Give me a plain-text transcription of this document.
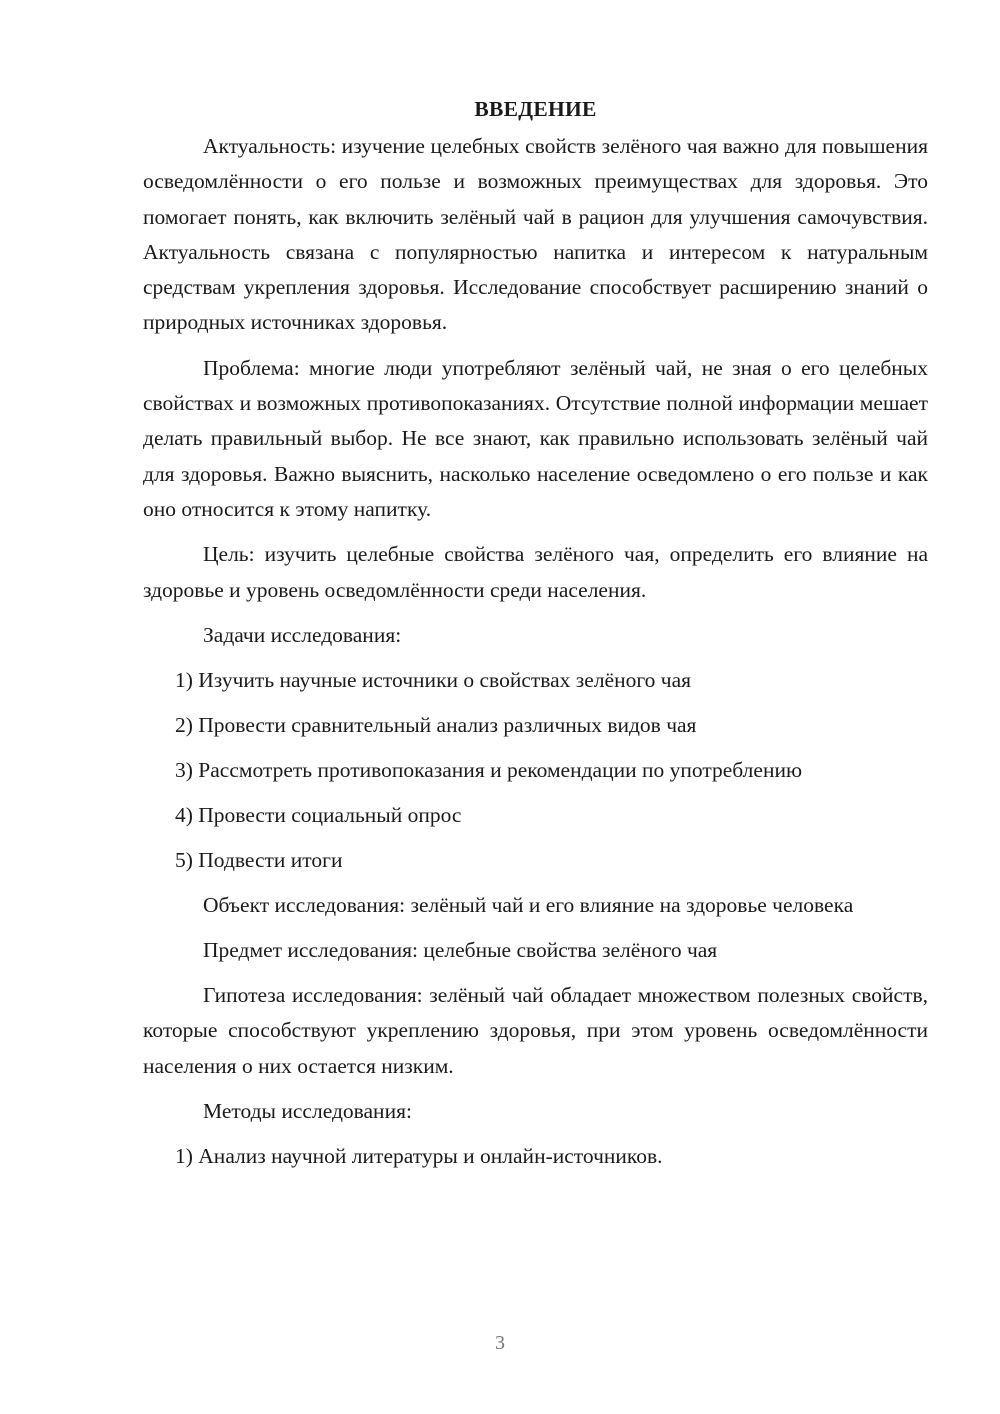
ВВЕДЕНИЕ

Актуальность: изучение целебных свойств зелёного чая важно для повышения осведомлённости о его пользе и возможных преимуществах для здоровья. Это помогает понять, как включить зелёный чай в рацион для улучшения самочувствия. Актуальность связана с популярностью напитка и интересом к натуральным средствам укрепления здоровья. Исследование способствует расширению знаний о природных источниках здоровья.

Проблема: многие люди употребляют зелёный чай, не зная о его целебных свойствах и возможных противопоказаниях. Отсутствие полной информации мешает делать правильный выбор. Не все знают, как правильно использовать зелёный чай для здоровья. Важно выяснить, насколько население осведомлено о его пользе и как оно относится к этому напитку.

Цель: изучить целебные свойства зелёного чая, определить его влияние на здоровье и уровень осведомлённости среди населения.

Задачи исследования:
1) Изучить научные источники о свойствах зелёного чая
2) Провести сравнительный анализ различных видов чая
3) Рассмотреть противопоказания и рекомендации по употреблению
4) Провести социальный опрос
5) Подвести итоги

Объект исследования: зелёный чай и его влияние на здоровье человека

Предмет исследования: целебные свойства зелёного чая

Гипотеза исследования: зелёный чай обладает множеством полезных свойств, которые способствуют укреплению здоровья, при этом уровень осведомлённости населения о них остается низким.

Методы исследования:
1) Анализ научной литературы и онлайн-источников.
3
